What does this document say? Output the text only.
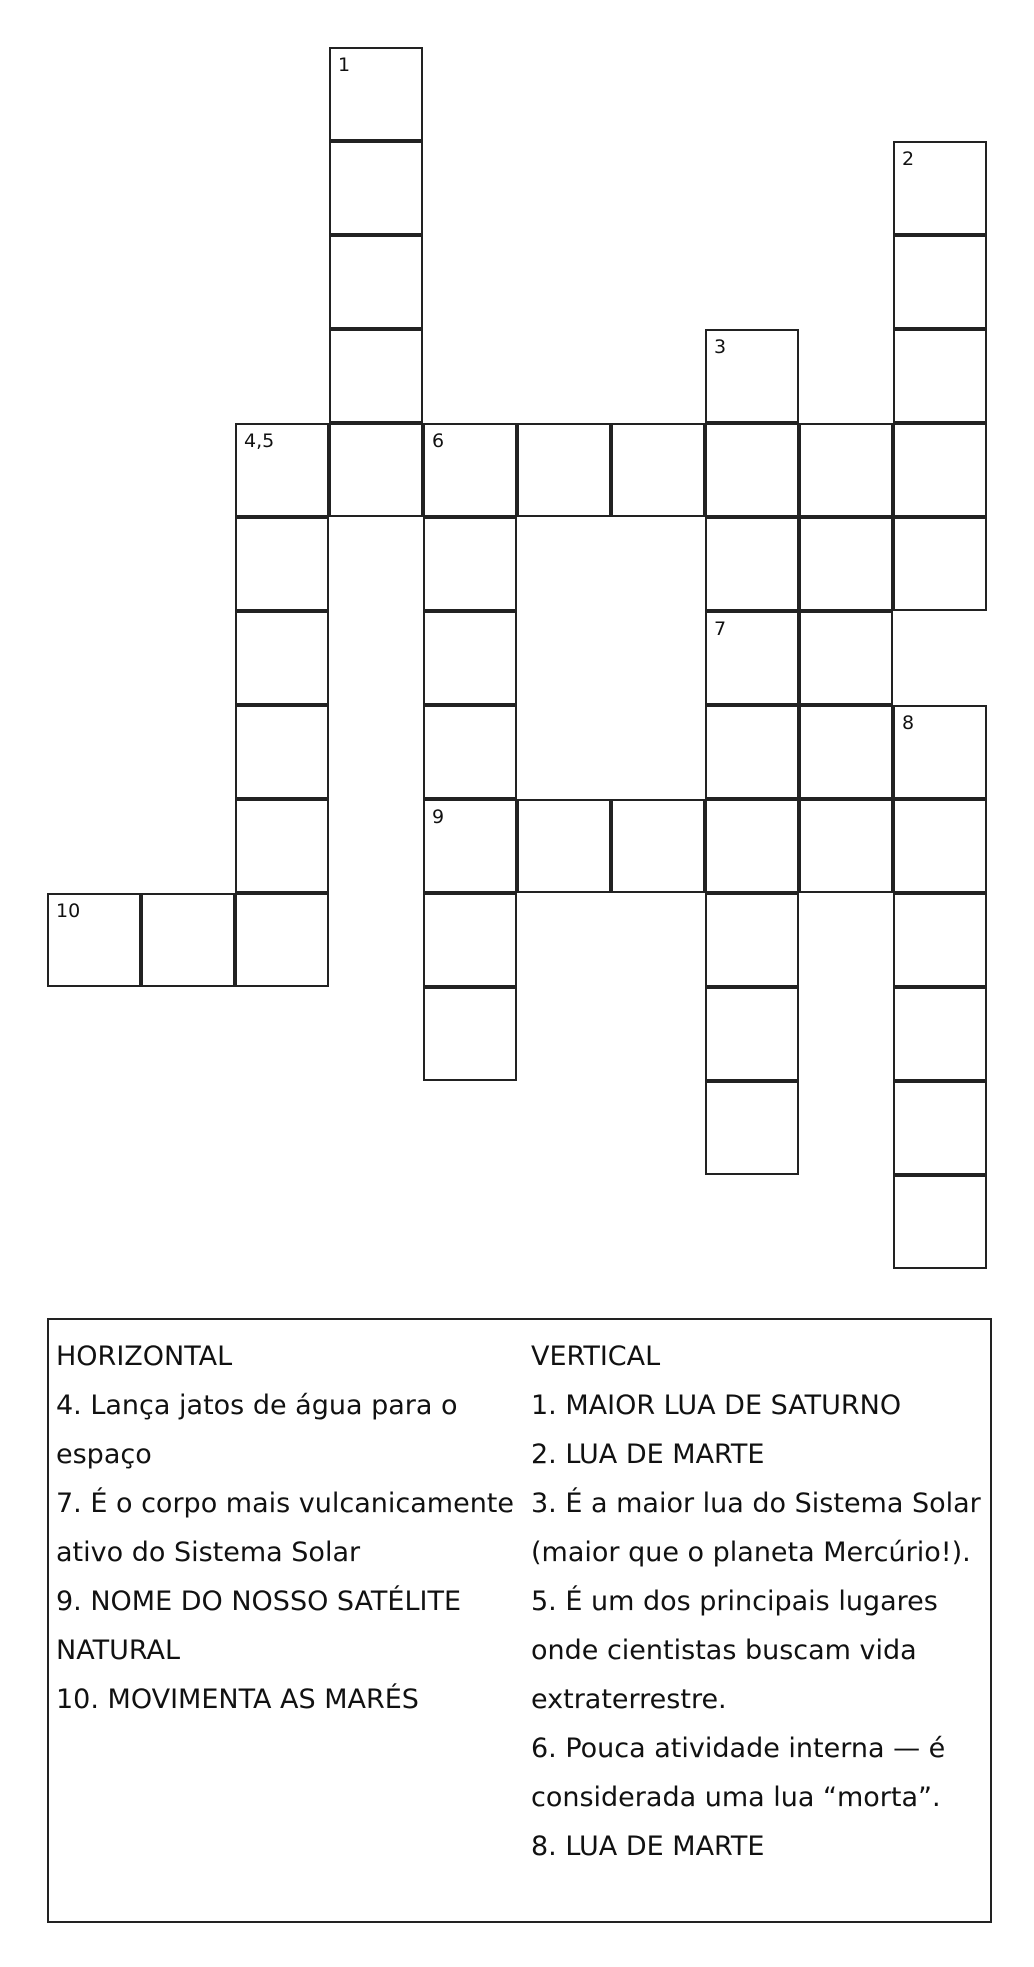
1
2
3
7
4,5	6
9
8
10
HORIZONTAL
4. Lança jatos de água para o
espaço
7. É o corpo mais vulcanicamente
ativo do Sistema Solar
9. NOME DO NOSSO SATÉLITE
NATURAL
10. MOVIMENTA AS MARÉS
VERTICAL
1. MAIOR LUA DE SATURNO
2. LUA DE MARTE
3. É a maior lua do Sistema Solar
(maior que o planeta Mercúrio!).
5. É um dos principais lugares
onde cientistas buscam vida
extraterrestre.
6. Pouca atividade interna — é
considerada uma lua “morta”.
8. LUA DE MARTE
